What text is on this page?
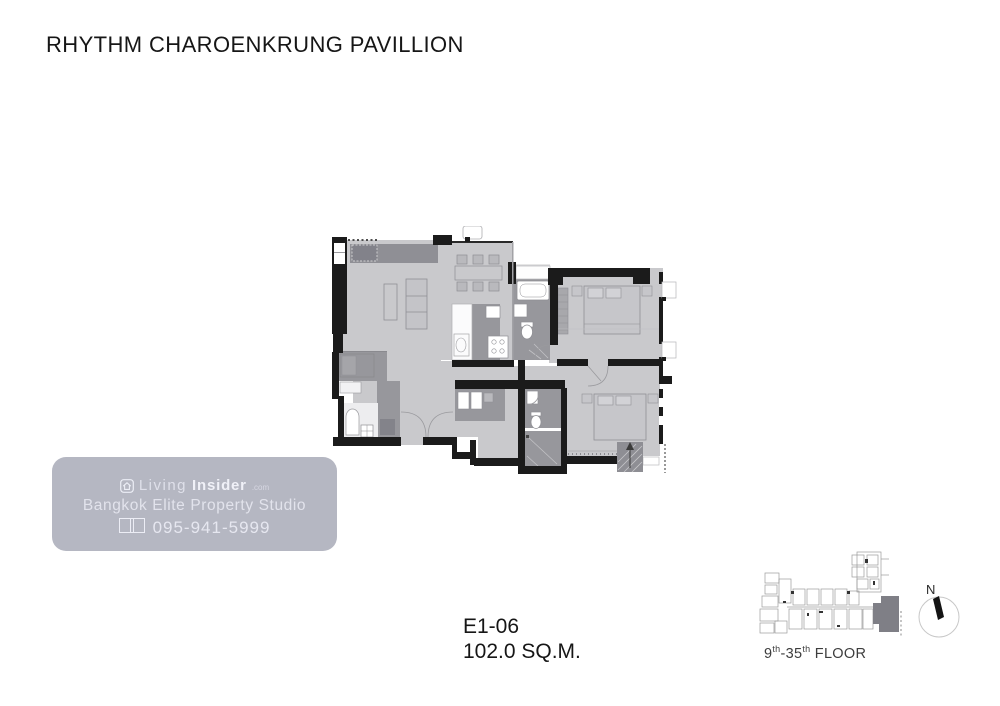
RHYTHM CHAROENKRUNG PAVILLION
Living Insider .com
Bangkok Elite Property Studio
095-941-5999
E1-06
102.0 SQ.M.	9th-35th FLOOR
N
